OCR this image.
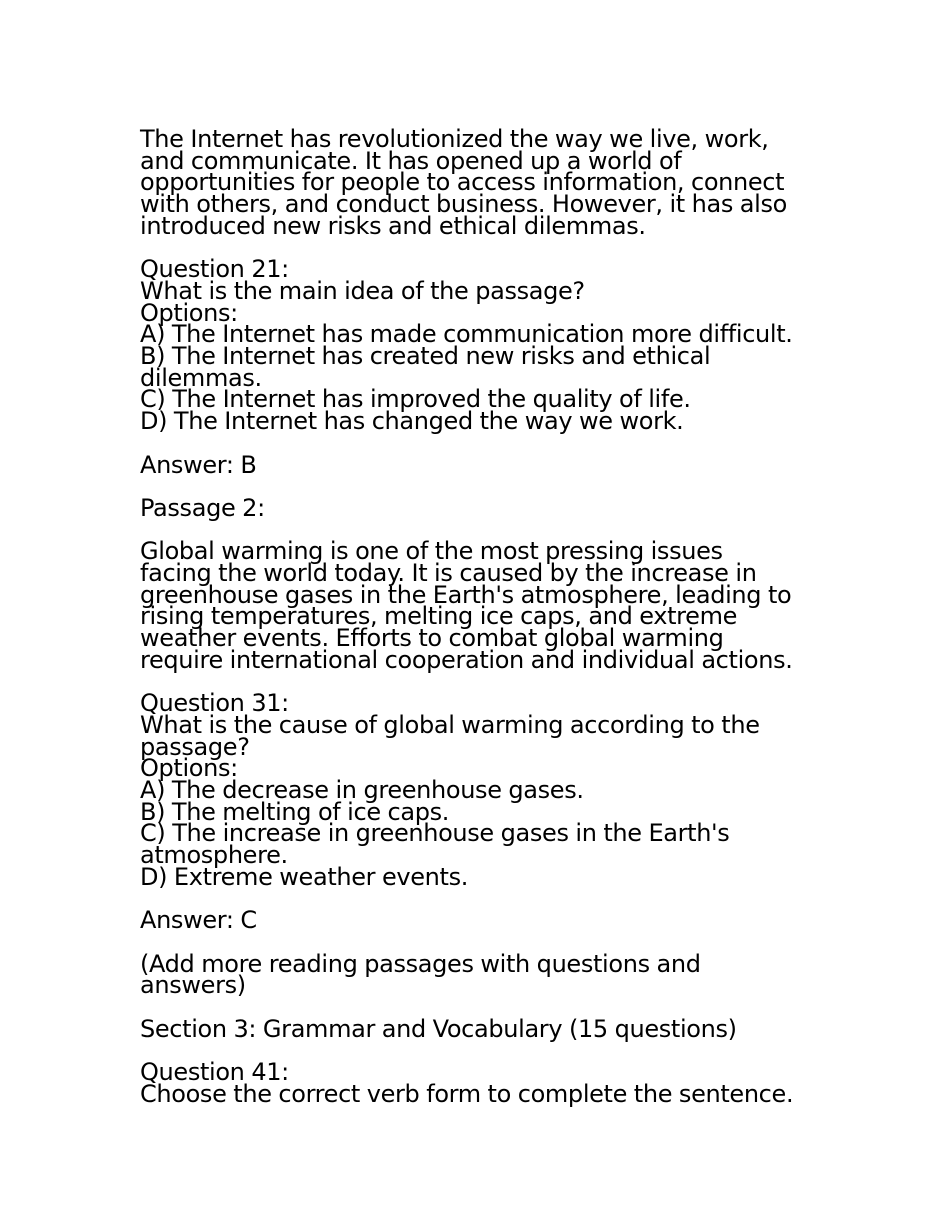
The Internet has revolutionized the way we live, work,
and communicate. It has opened up a world of
opportunities for people to access information, connect
with others, and conduct business. However, it has also
introduced new risks and ethical dilemmas.
Question 21:
What is the main idea of the passage?
Options:
A) The Internet has made communication more difficult.
B) The Internet has created new risks and ethical
dilemmas.
C) The Internet has improved the quality of life.
D) The Internet has changed the way we work.
Answer: B
Passage 2:
Global warming is one of the most pressing issues
facing the world today. It is caused by the increase in
greenhouse gases in the Earth's atmosphere, leading to
rising temperatures, melting ice caps, and extreme
weather events. Efforts to combat global warming
require international cooperation and individual actions.
Question 31:
What is the cause of global warming according to the
passage?
Options:
A) The decrease in greenhouse gases.
B) The melting of ice caps.
C) The increase in greenhouse gases in the Earth's
atmosphere.
D) Extreme weather events.
Answer: C
(Add more reading passages with questions and
answers)
Section 3: Grammar and Vocabulary (15 questions)
Question 41:
Choose the correct verb form to complete the sentence.
